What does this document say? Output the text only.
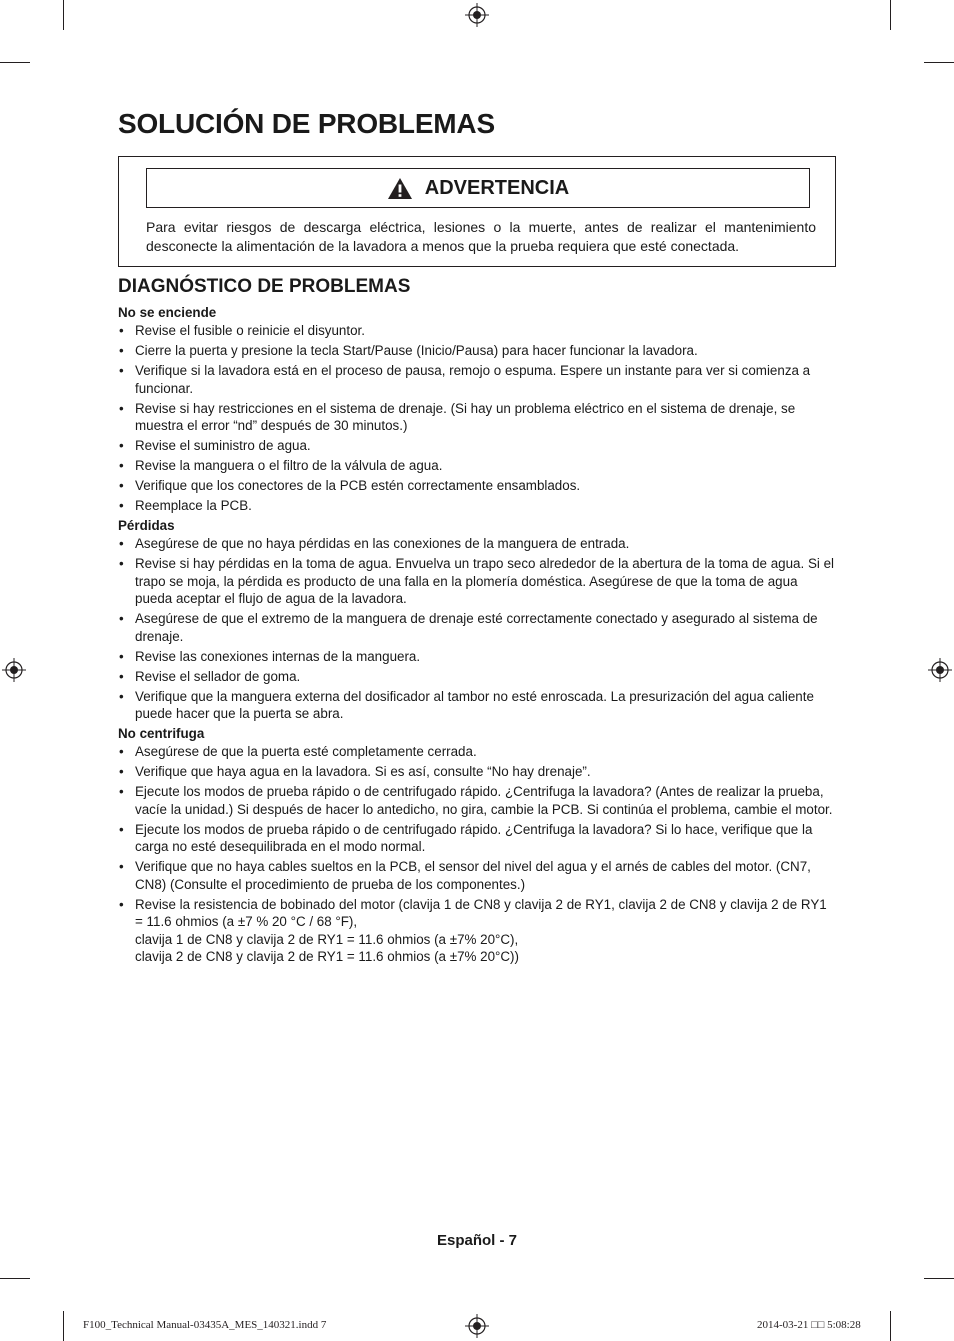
SOLUCIÓN DE PROBLEMAS
ADVERTENCIA
Para evitar riesgos de descarga eléctrica, lesiones o la muerte, antes de realizar el mantenimiento desconecte la alimentación de la lavadora a menos que la prueba requiera que esté conectada.
DIAGNÓSTICO DE PROBLEMAS
No se enciende
• Revise el fusible o reinicie el disyuntor.
• Cierre la puerta y presione la tecla Start/Pause (Inicio/Pausa) para hacer funcionar la lavadora.
• Verifique si la lavadora está en el proceso de pausa, remojo o espuma. Espere un instante para ver si comienza a funcionar.
• Revise si hay restricciones en el sistema de drenaje. (Si hay un problema eléctrico en el sistema de drenaje, se muestra el error “nd” después de 30 minutos.)
• Revise el suministro de agua.
• Revise la manguera o el filtro de la válvula de agua.
• Verifique que los conectores de la PCB estén correctamente ensamblados.
• Reemplace la PCB.
Pérdidas
• Asegúrese de que no haya pérdidas en las conexiones de la manguera de entrada.
• Revise si hay pérdidas en la toma de agua. Envuelva un trapo seco alrededor de la abertura de la toma de agua. Si el trapo se moja, la pérdida es producto de una falla en la plomería doméstica. Asegúrese de que la toma de agua pueda aceptar el flujo de agua de la lavadora.
• Asegúrese de que el extremo de la manguera de drenaje esté correctamente conectado y asegurado al sistema de drenaje.
• Revise las conexiones internas de la manguera.
• Revise el sellador de goma.
• Verifique que la manguera externa del dosificador al tambor no esté enroscada. La presurización del agua caliente puede hacer que la puerta se abra.
No centrifuga
• Asegúrese de que la puerta esté completamente cerrada.
• Verifique que haya agua en la lavadora. Si es así, consulte “No hay drenaje”.
• Ejecute los modos de prueba rápido o de centrifugado rápido. ¿Centrifuga la lavadora? (Antes de realizar la prueba, vacíe la unidad.) Si después de hacer lo antedicho, no gira, cambie la PCB. Si continúa el problema, cambie el motor.
• Ejecute los modos de prueba rápido o de centrifugado rápido. ¿Centrifuga la lavadora? Si lo hace, verifique que la carga no esté desequilibrada en el modo normal.
• Verifique que no haya cables sueltos en la PCB, el sensor del nivel del agua y el arnés de cables del motor. (CN7, CN8) (Consulte el procedimiento de prueba de los componentes.)
• Revise la resistencia de bobinado del motor (clavija 1 de CN8 y clavija 2 de RY1, clavija 2 de CN8 y clavija 2 de RY1 = 11.6 ohmios (a ±7 % 20 °C / 68 °F),
clavija 1 de CN8 y clavija 2 de RY1 = 11.6 ohmios (a ±7% 20°C),
clavija 2 de CN8 y clavija 2 de RY1 = 11.6 ohmios (a ±7% 20°C))
Español - 7
F100_Technical Manual-03435A_MES_140321.indd 7	2014-03-21 □□ 5:08:28
